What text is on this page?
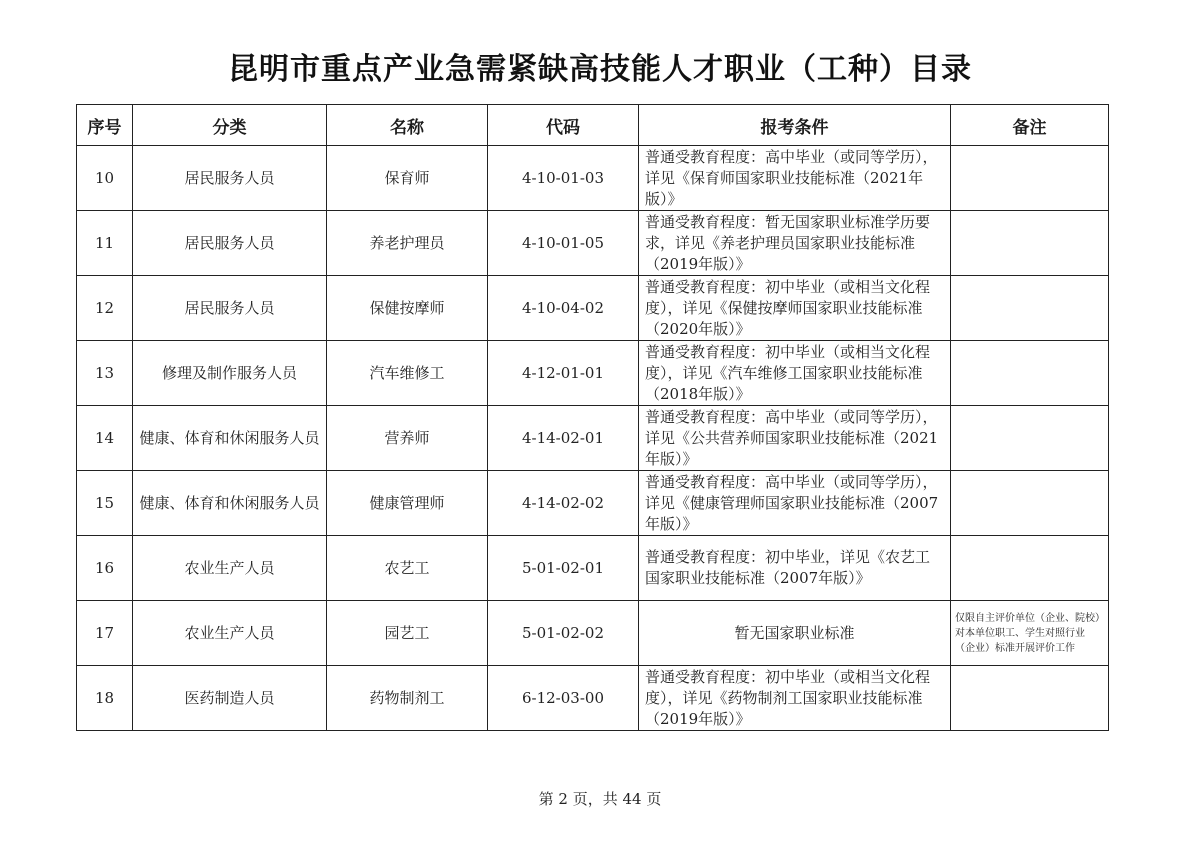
昆明市重点产业急需紧缺高技能人才职业（工种）目录
序号	分类	名称	代码	报考条件	备注
10	居民服务人员	保育师	4-10-01-03	普通受教育程度：高中毕业（或同等学历），详见《保育师国家职业技能标准（2021年版）》	
11	居民服务人员	养老护理员	4-10-01-05	普通受教育程度：暂无国家职业标准学历要求，详见《养老护理员国家职业技能标准（2019年版）》	
12	居民服务人员	保健按摩师	4-10-04-02	普通受教育程度：初中毕业（或相当文化程度），详见《保健按摩师国家职业技能标准（2020年版）》	
13	修理及制作服务人员	汽车维修工	4-12-01-01	普通受教育程度：初中毕业（或相当文化程度），详见《汽车维修工国家职业技能标准（2018年版）》	
14	健康、体育和休闲服务人员	营养师	4-14-02-01	普通受教育程度：高中毕业（或同等学历），详见《公共营养师国家职业技能标准（2021年版）》	
15	健康、体育和休闲服务人员	健康管理师	4-14-02-02	普通受教育程度：高中毕业（或同等学历），详见《健康管理师国家职业技能标准（2007年版）》	
16	农业生产人员	农艺工	5-01-02-01	普通受教育程度：初中毕业，详见《农艺工国家职业技能标准（2007年版）》	
17	农业生产人员	园艺工	5-01-02-02	暂无国家职业标准	仅限自主评价单位（企业、院校）对本单位职工、学生对照行业（企业）标准开展评价工作
18	医药制造人员	药物制剂工	6-12-03-00	普通受教育程度：初中毕业（或相当文化程度），详见《药物制剂工国家职业技能标准（2019年版）》	
第 2 页，共 44 页
